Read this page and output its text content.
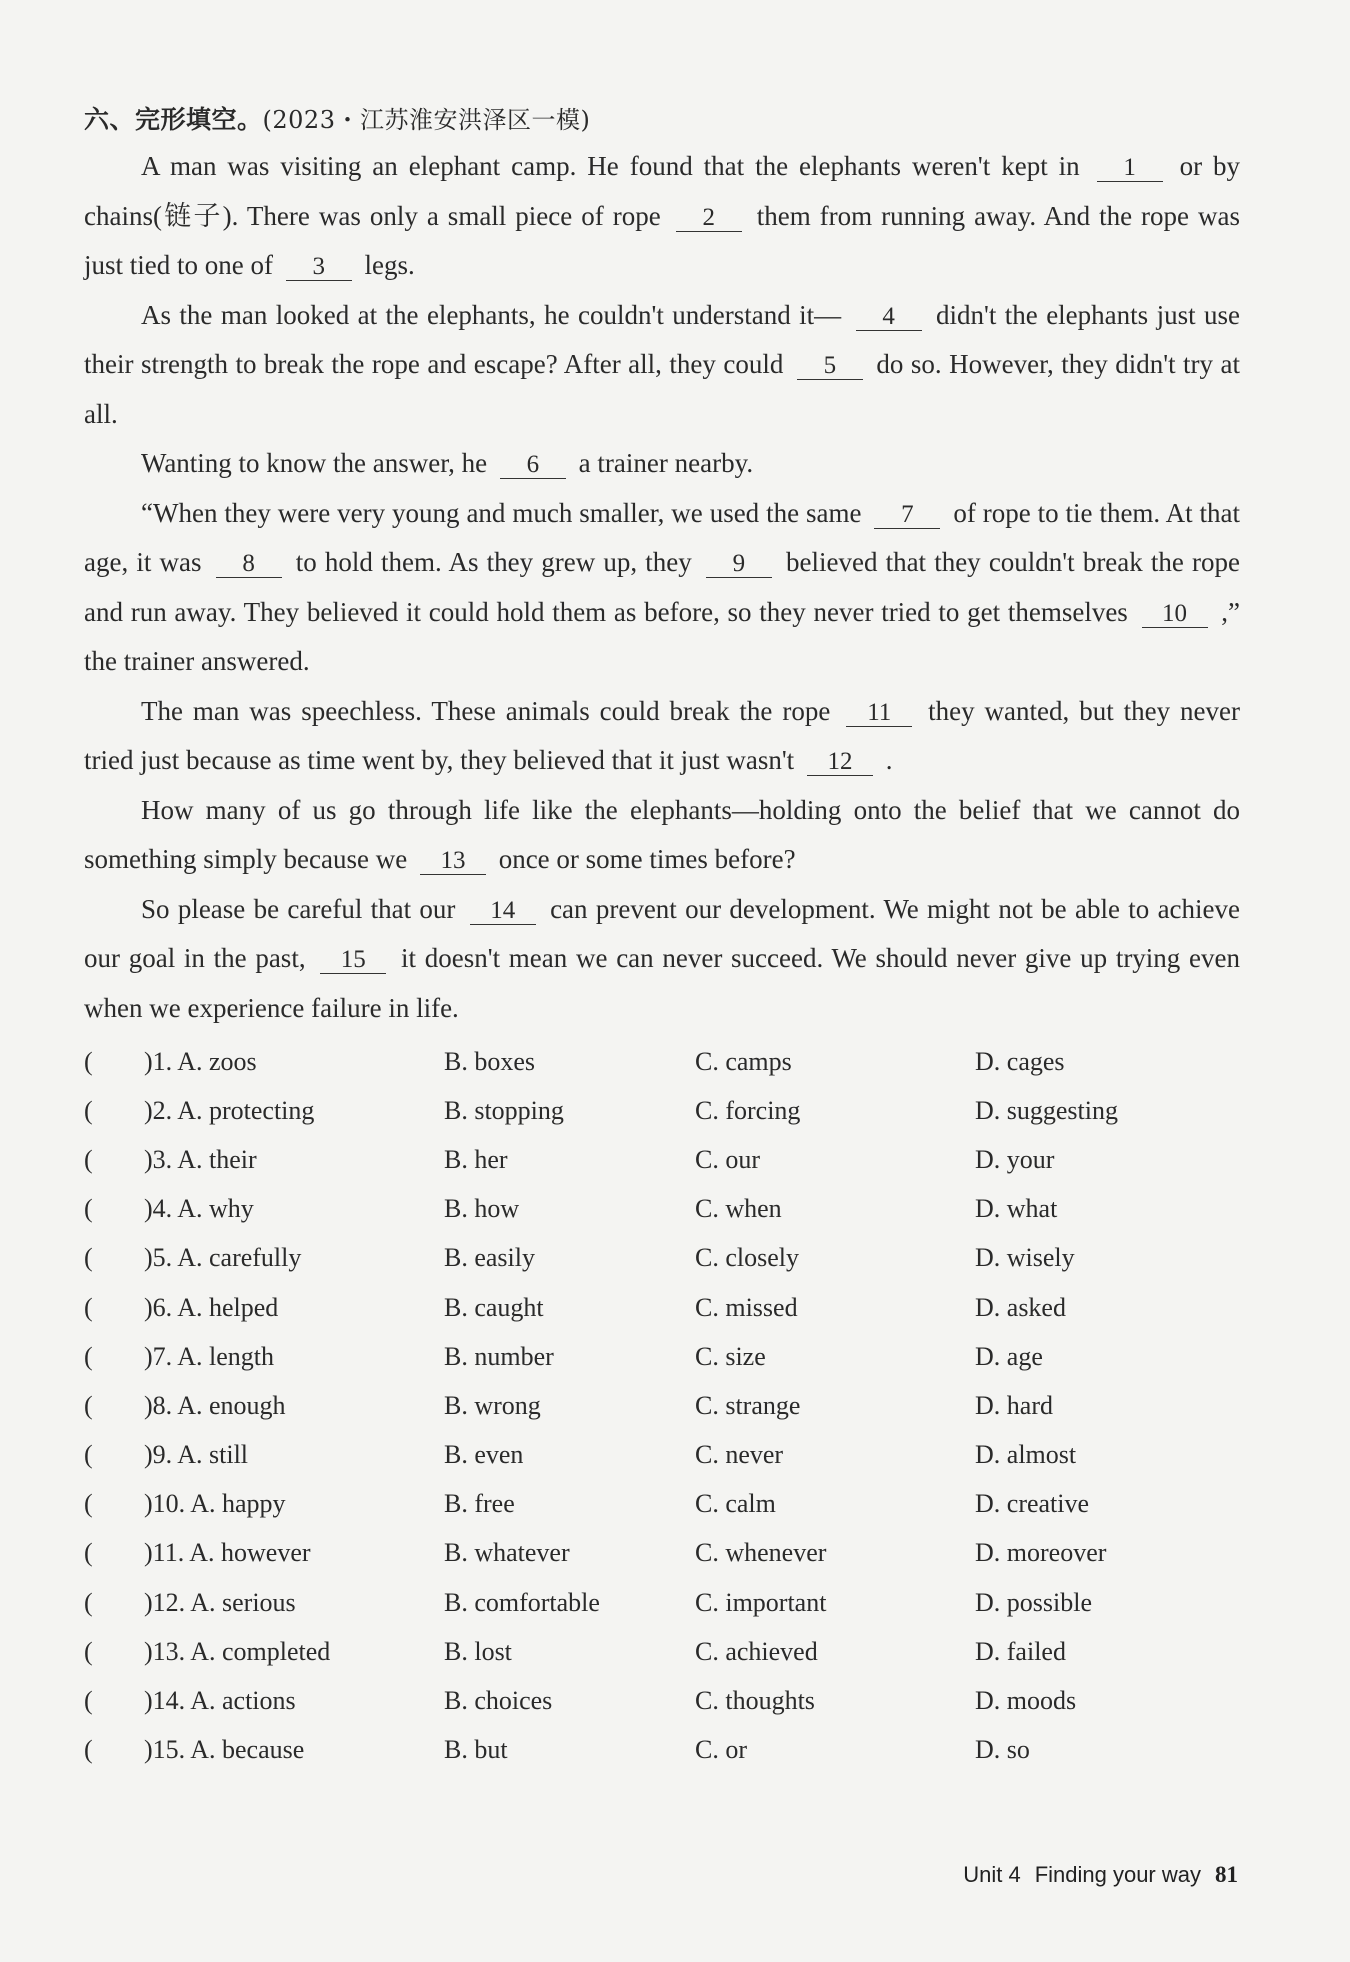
六、完形填空。(2023・江苏淮安洪泽区一模)

A man was visiting an elephant camp. He found that the elephants weren't kept in 1 or by chains(链子). There was only a small piece of rope 2 them from running away. And the rope was just tied to one of 3 legs.

As the man looked at the elephants, he couldn't understand it— 4 didn't the elephants just use their strength to break the rope and escape? After all, they could 5 do so. However, they didn't try at all.

Wanting to know the answer, he 6 a trainer nearby.

“When they were very young and much smaller, we used the same 7 of rope to tie them. At that age, it was 8 to hold them. As they grew up, they 9 believed that they couldn't break the rope and run away. They believed it could hold them as before, so they never tried to get themselves 10 ,” the trainer answered.

The man was speechless. These animals could break the rope 11 they wanted, but they never tried just because as time went by, they believed that it just wasn't 12 .

How many of us go through life like the elephants—holding onto the belief that we cannot do something simply because we 13 once or some times before?

So please be careful that our 14 can prevent our development. We might not be able to achieve our goal in the past, 15 it doesn't mean we can never succeed. We should never give up trying even when we experience failure in life.

(	)1. A. zoos	B. boxes	C. camps	D. cages
(	)2. A. protecting	B. stopping	C. forcing	D. suggesting
(	)3. A. their	B. her	C. our	D. your
(	)4. A. why	B. how	C. when	D. what
(	)5. A. carefully	B. easily	C. closely	D. wisely
(	)6. A. helped	B. caught	C. missed	D. asked
(	)7. A. length	B. number	C. size	D. age
(	)8. A. enough	B. wrong	C. strange	D. hard
(	)9. A. still	B. even	C. never	D. almost
(	)10. A. happy	B. free	C. calm	D. creative
(	)11. A. however	B. whatever	C. whenever	D. moreover
(	)12. A. serious	B. comfortable	C. important	D. possible
(	)13. A. completed	B. lost	C. achieved	D. failed
(	)14. A. actions	B. choices	C. thoughts	D. moods
(	)15. A. because	B. but	C. or	D. so
Unit 4 Finding your way 81
